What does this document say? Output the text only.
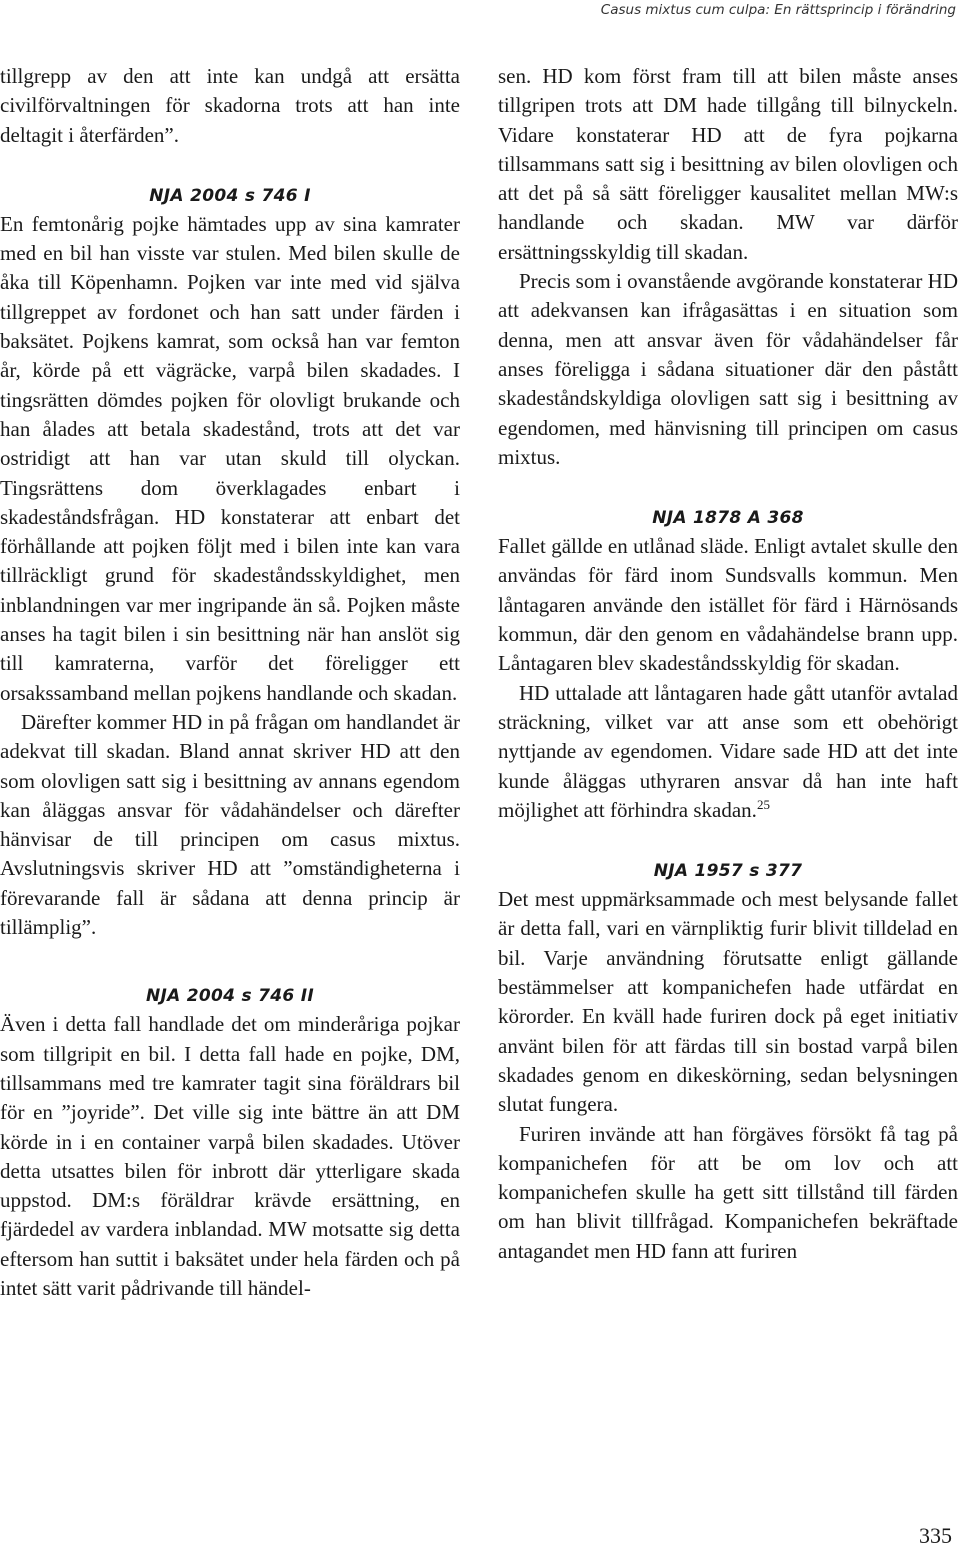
Casus mixtus cum culpa: En rättsprincip i förändring

tillgrepp av den att inte kan undgå att ersätta civilförvaltningen för skadorna trots att han inte deltagit i återfärden”.

NJA 2004 s 746 I

En femtonårig pojke hämtades upp av sina kamrater med en bil han visste var stulen. Med bilen skulle de åka till Köpenhamn. Pojken var inte med vid själva tillgreppet av fordonet och han satt under färden i baksätet. Pojkens kamrat, som också han var femton år, körde på ett vägräcke, varpå bilen skadades. I tingsrätten dömdes pojken för olovligt brukande och han ålades att betala skadestånd, trots att det var ostridigt att han var utan skuld till olyckan. Tingsrättens dom överklagades enbart i skadeståndsfrågan. HD konstaterar att enbart det förhållande att pojken följt med i bilen inte kan vara tillräckligt grund för skadeståndsskyldighet, men inblandningen var mer ingripande än så. Pojken måste anses ha tagit bilen i sin besittning när han anslöt sig till kamraterna, varför det föreligger ett orsakssamband mellan pojkens handlande och skadan.

Därefter kommer HD in på frågan om handlandet är adekvat till skadan. Bland annat skriver HD att den som olovligen satt sig i besittning av annans egendom kan åläggas ansvar för vådahändelser och därefter hänvisar de till principen om casus mixtus. Avslutningsvis skriver HD att ”omständigheterna i förevarande fall är sådana att denna princip är tillämplig”.

NJA 2004 s 746 II

Även i detta fall handlade det om minderåriga pojkar som tillgripit en bil. I detta fall hade en pojke, DM, tillsammans med tre kamrater tagit sina föräldrars bil för en ”joyride”. Det ville sig inte bättre än att DM körde in i en container varpå bilen skadades. Utöver detta utsattes bilen för inbrott där ytterligare skada uppstod. DM:s föräldrar krävde ersättning, en fjärdedel av vardera inblandad. MW motsatte sig detta eftersom han suttit i baksätet under hela färden och på intet sätt varit pådrivande till händel-

sen. HD kom först fram till att bilen måste anses tillgripen trots att DM hade tillgång till bilnyckeln. Vidare konstaterar HD att de fyra pojkarna tillsammans satt sig i besittning av bilen olovligen och att det på så sätt föreligger kausalitet mellan MW:s handlande och skadan. MW var därför ersättningsskyldig till skadan.

Precis som i ovanstående avgörande konstaterar HD att adekvansen kan ifrågasättas i en situation som denna, men att ansvar även för vådahändelser får anses föreligga i sådana situationer där den påstått skadeståndskyldiga olovligen satt sig i besittning av egendomen, med hänvisning till principen om casus mixtus.

NJA 1878 A 368

Fallet gällde en utlånad släde. Enligt avtalet skulle den användas för färd inom Sundsvalls kommun. Men låntagaren använde den istället för färd i Härnösands kommun, där den genom en vådahändelse brann upp. Låntagaren blev skadeståndsskyldig för skadan.

HD uttalade att låntagaren hade gått utanför avtalad sträckning, vilket var att anse som ett obehörigt nyttjande av egendomen. Vidare sade HD att det inte kunde åläggas uthyraren ansvar då han inte haft möjlighet att förhindra skadan.$^{25}$

NJA 1957 s 377

Det mest uppmärksammade och mest belysande fallet är detta fall, vari en värnpliktig furir blivit tilldelad en bil. Varje användning förutsatte enligt gällande bestämmelser att kompanichefen hade utfärdat en körorder. En kväll hade furiren dock på eget initiativ använt bilen för att färdas till sin bostad varpå bilen skadades genom en dikeskörning, sedan belysningen slutat fungera.

Furiren invände att han förgäves försökt få tag på kompanichefen för att be om lov och att kompanichefen skulle ha gett sitt tillstånd till färden om han blivit tillfrågad. Kompanichefen bekräftade antagandet men HD fann att furiren

335
